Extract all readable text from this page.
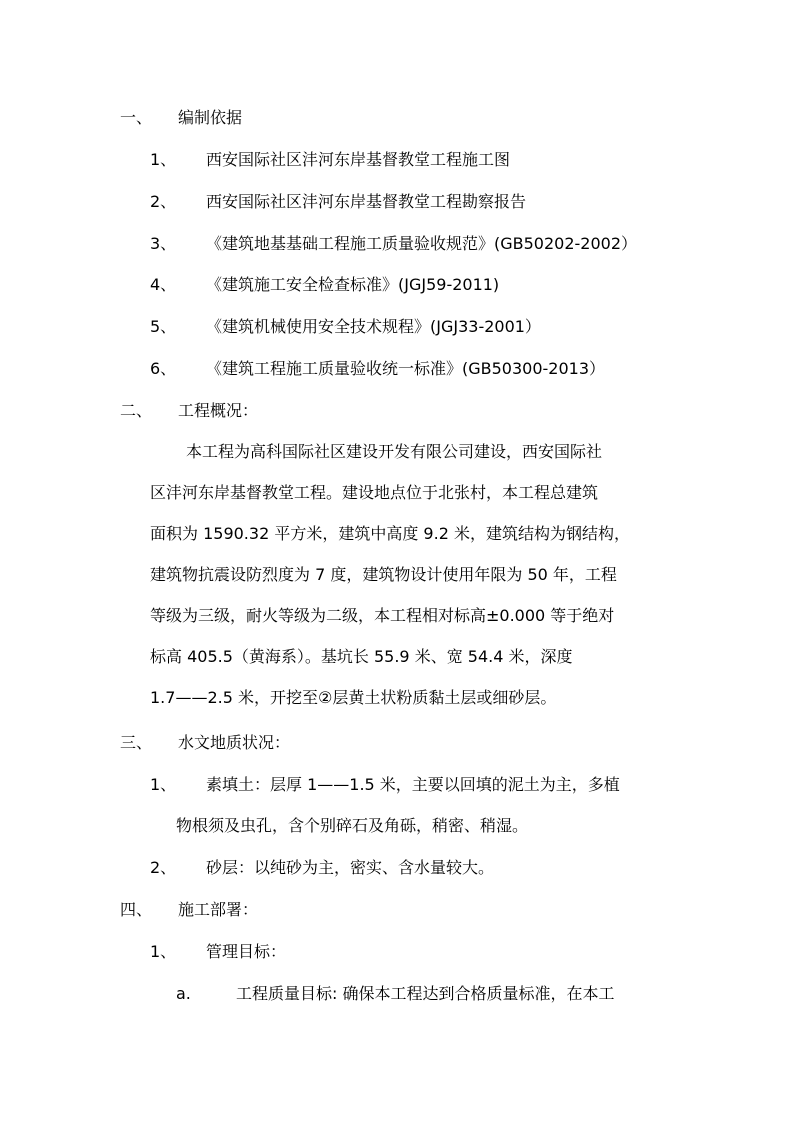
一、 编制依据
1、 西安国际社区沣河东岸基督教堂工程施工图
2、 西安国际社区沣河东岸基督教堂工程勘察报告
3、 《建筑地基基础工程施工质量验收规范》(GB50202-2002）
4、 《建筑施工安全检查标准》(JGJ59-2011)
5、 《建筑机械使用安全技术规程》(JGJ33-2001）
6、 《建筑工程施工质量验收统一标准》(GB50300-2013）
二、 工程概况：
本工程为高科国际社区建设开发有限公司建设，西安国际社
区沣河东岸基督教堂工程。建设地点位于北张村，本工程总建筑
面积为 1590.32 平方米，建筑中高度 9.2 米，建筑结构为钢结构，
建筑物抗震设防烈度为 7 度，建筑物设计使用年限为 50 年，工程
等级为三级，耐火等级为二级，本工程相对标高±0.000 等于绝对
标高 405.5（黄海系）。基坑长 55.9 米、宽 54.4 米，深度
1.7——2.5 米，开挖至②层黄土状粉质黏土层或细砂层。
三、 水文地质状况：
1、 素填土：层厚 1——1.5 米，主要以回填的泥土为主，多植
物根须及虫孔，含个别碎石及角砾，稍密、稍湿。
2、 砂层：以纯砂为主，密实、含水量较大。
四、 施工部署：
1、 管理目标：
a.	工程质量目标: 确保本工程达到合格质量标准，在本工
